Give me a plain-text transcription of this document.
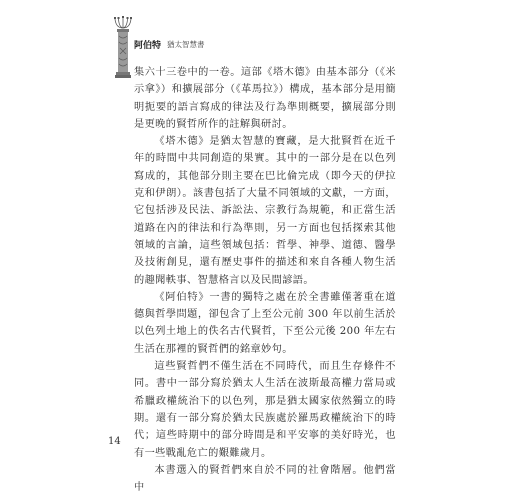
阿伯特 猶太智慧書

集六十三卷中的一卷。這部《塔木德》由基本部分（《米示拿》）和擴展部分（《革馬拉》）構成，基本部分是用簡明扼要的語言寫成的律法及行為準則概要，擴展部分則是更晚的賢哲所作的註解與研討。

《塔木德》是猶太智慧的寶藏，是大批賢哲在近千年的時間中共同創造的果實。其中的一部分是在以色列寫成的，其他部分則主要在巴比倫完成（即今天的伊拉克和伊朗）。該書包括了大量不同領域的文獻，一方面，它包括涉及民法、訴訟法、宗教行為規範，和正當生活道路在內的律法和行為準則，另一方面也包括探索其他領域的言論，這些領域包括：哲學、神學、道德、醫學及技術創見，還有歷史事件的描述和來自各種人物生活的趣聞軼事、智慧格言以及民間諺語。

《阿伯特》一書的獨特之處在於全書雖僅著重在道德與哲學問題，卻包含了上至公元前 300 年以前生活於以色列土地上的佚名古代賢哲，下至公元後 200 年左右生活在那裡的賢哲們的銘章妙句。

這些賢哲們不僅生活在不同時代，而且生存條件不同。書中一部分寫於猶太人生活在波斯最高權力當局或希臘政權統治下的以色列，那是猶太國家依然獨立的時期。還有一部分寫於猶太民族處於羅馬政權統治下的時代；這些時期中的部分時間是和平安寧的美好時光，也有一些戰亂危亡的艱難歲月。

本書選入的賢哲們來自於不同的社會階層。他們當中

14
